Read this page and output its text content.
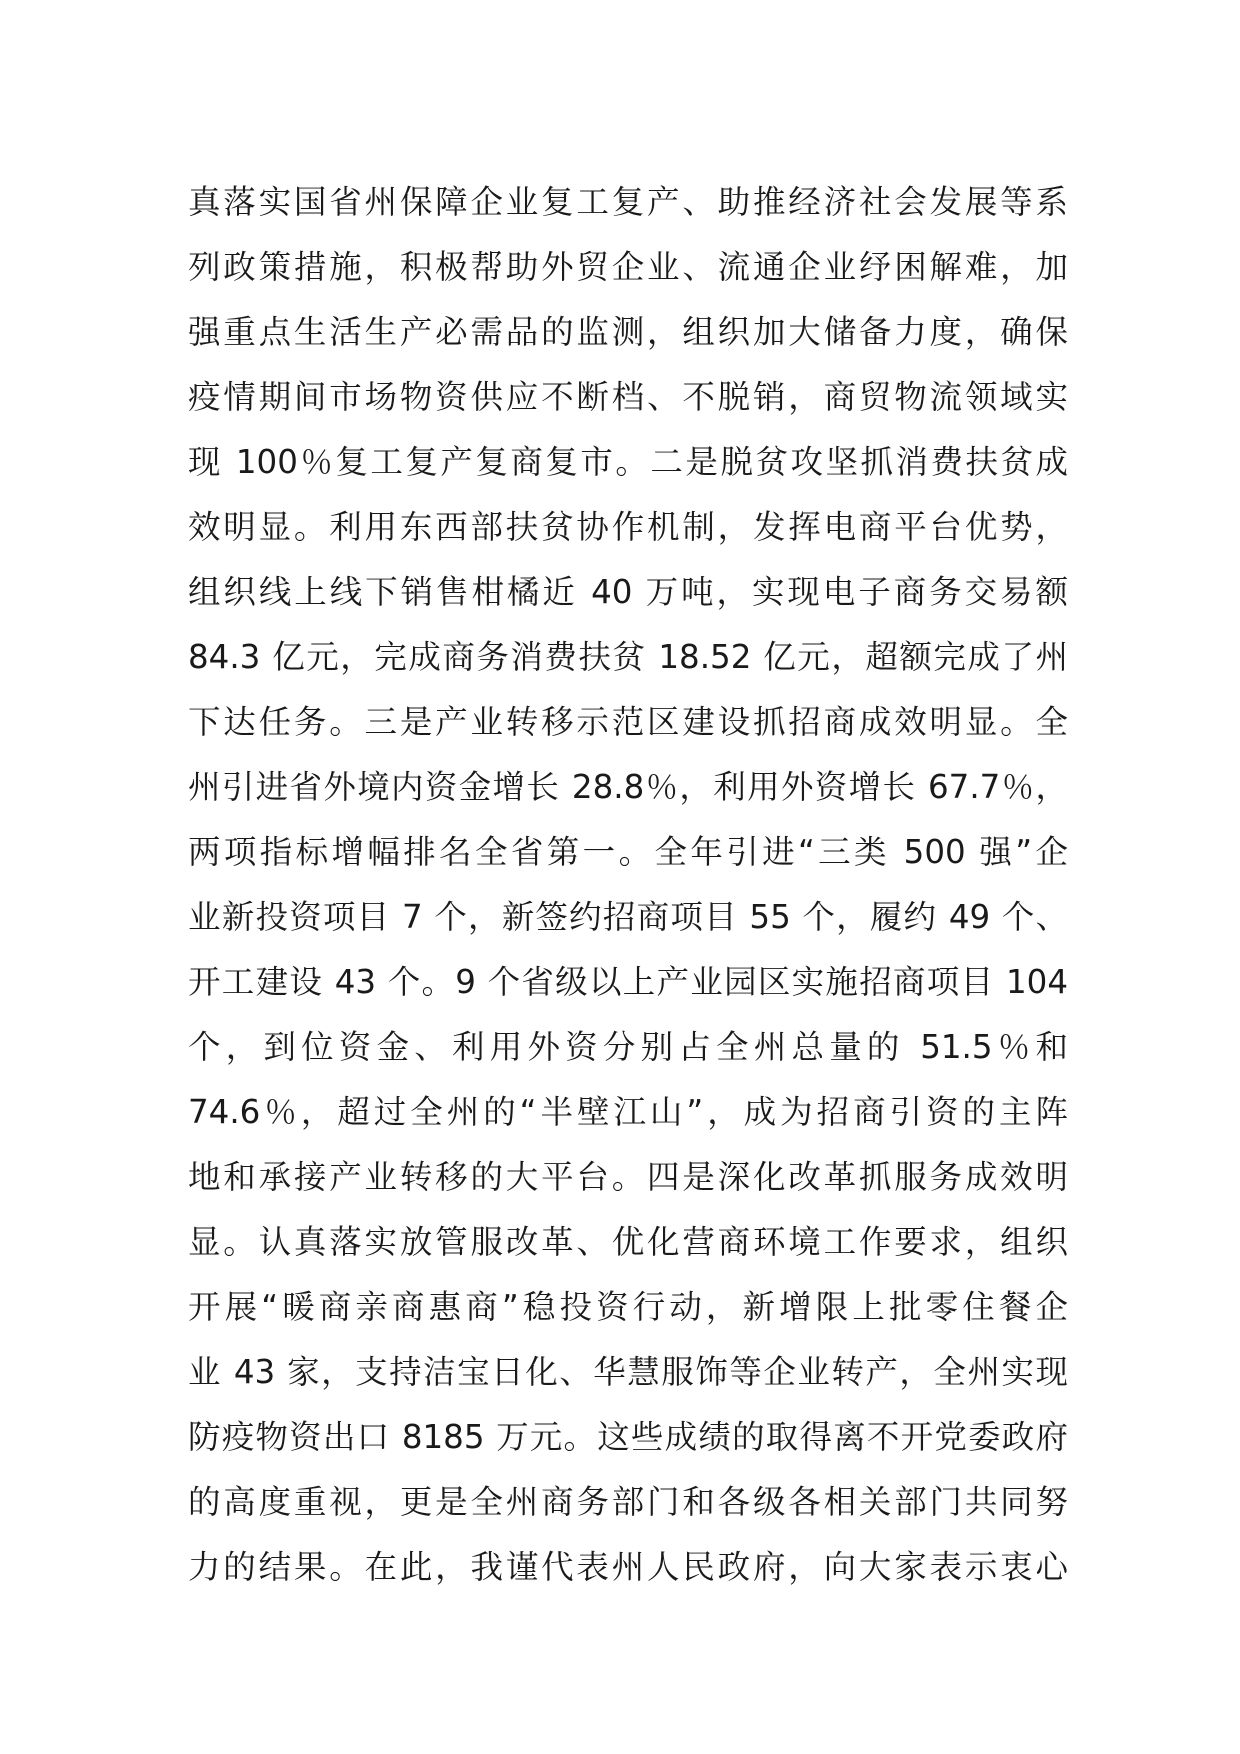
真落实国省州保障企业复工复产、助推经济社会发展等系
列政策措施，积极帮助外贸企业、流通企业纾困解难，加
强重点生活生产必需品的监测，组织加大储备力度，确保
疫情期间市场物资供应不断档、不脱销，商贸物流领域实
现 100％复工复产复商复市。二是脱贫攻坚抓消费扶贫成
效明显。利用东西部扶贫协作机制，发挥电商平台优势，
组织线上线下销售柑橘近 40 万吨，实现电子商务交易额
84.3 亿元，完成商务消费扶贫 18.52 亿元，超额完成了州
下达任务。三是产业转移示范区建设抓招商成效明显。全
州引进省外境内资金增长 28.8％，利用外资增长 67.7％，
两项指标增幅排名全省第一。全年引进“三类 500 强”企
业新投资项目 7 个，新签约招商项目 55 个，履约 49 个、
开工建设 43 个。9 个省级以上产业园区实施招商项目 104
个，到位资金、利用外资分别占全州总量的 51.5％和
74.6％，超过全州的“半壁江山”，成为招商引资的主阵
地和承接产业转移的大平台。四是深化改革抓服务成效明
显。认真落实放管服改革、优化营商环境工作要求，组织
开展“暖商亲商惠商”稳投资行动，新增限上批零住餐企
业 43 家，支持洁宝日化、华慧服饰等企业转产，全州实现
防疫物资出口 8185 万元。这些成绩的取得离不开党委政府
的高度重视，更是全州商务部门和各级各相关部门共同努
力的结果。在此，我谨代表州人民政府，向大家表示衷心
